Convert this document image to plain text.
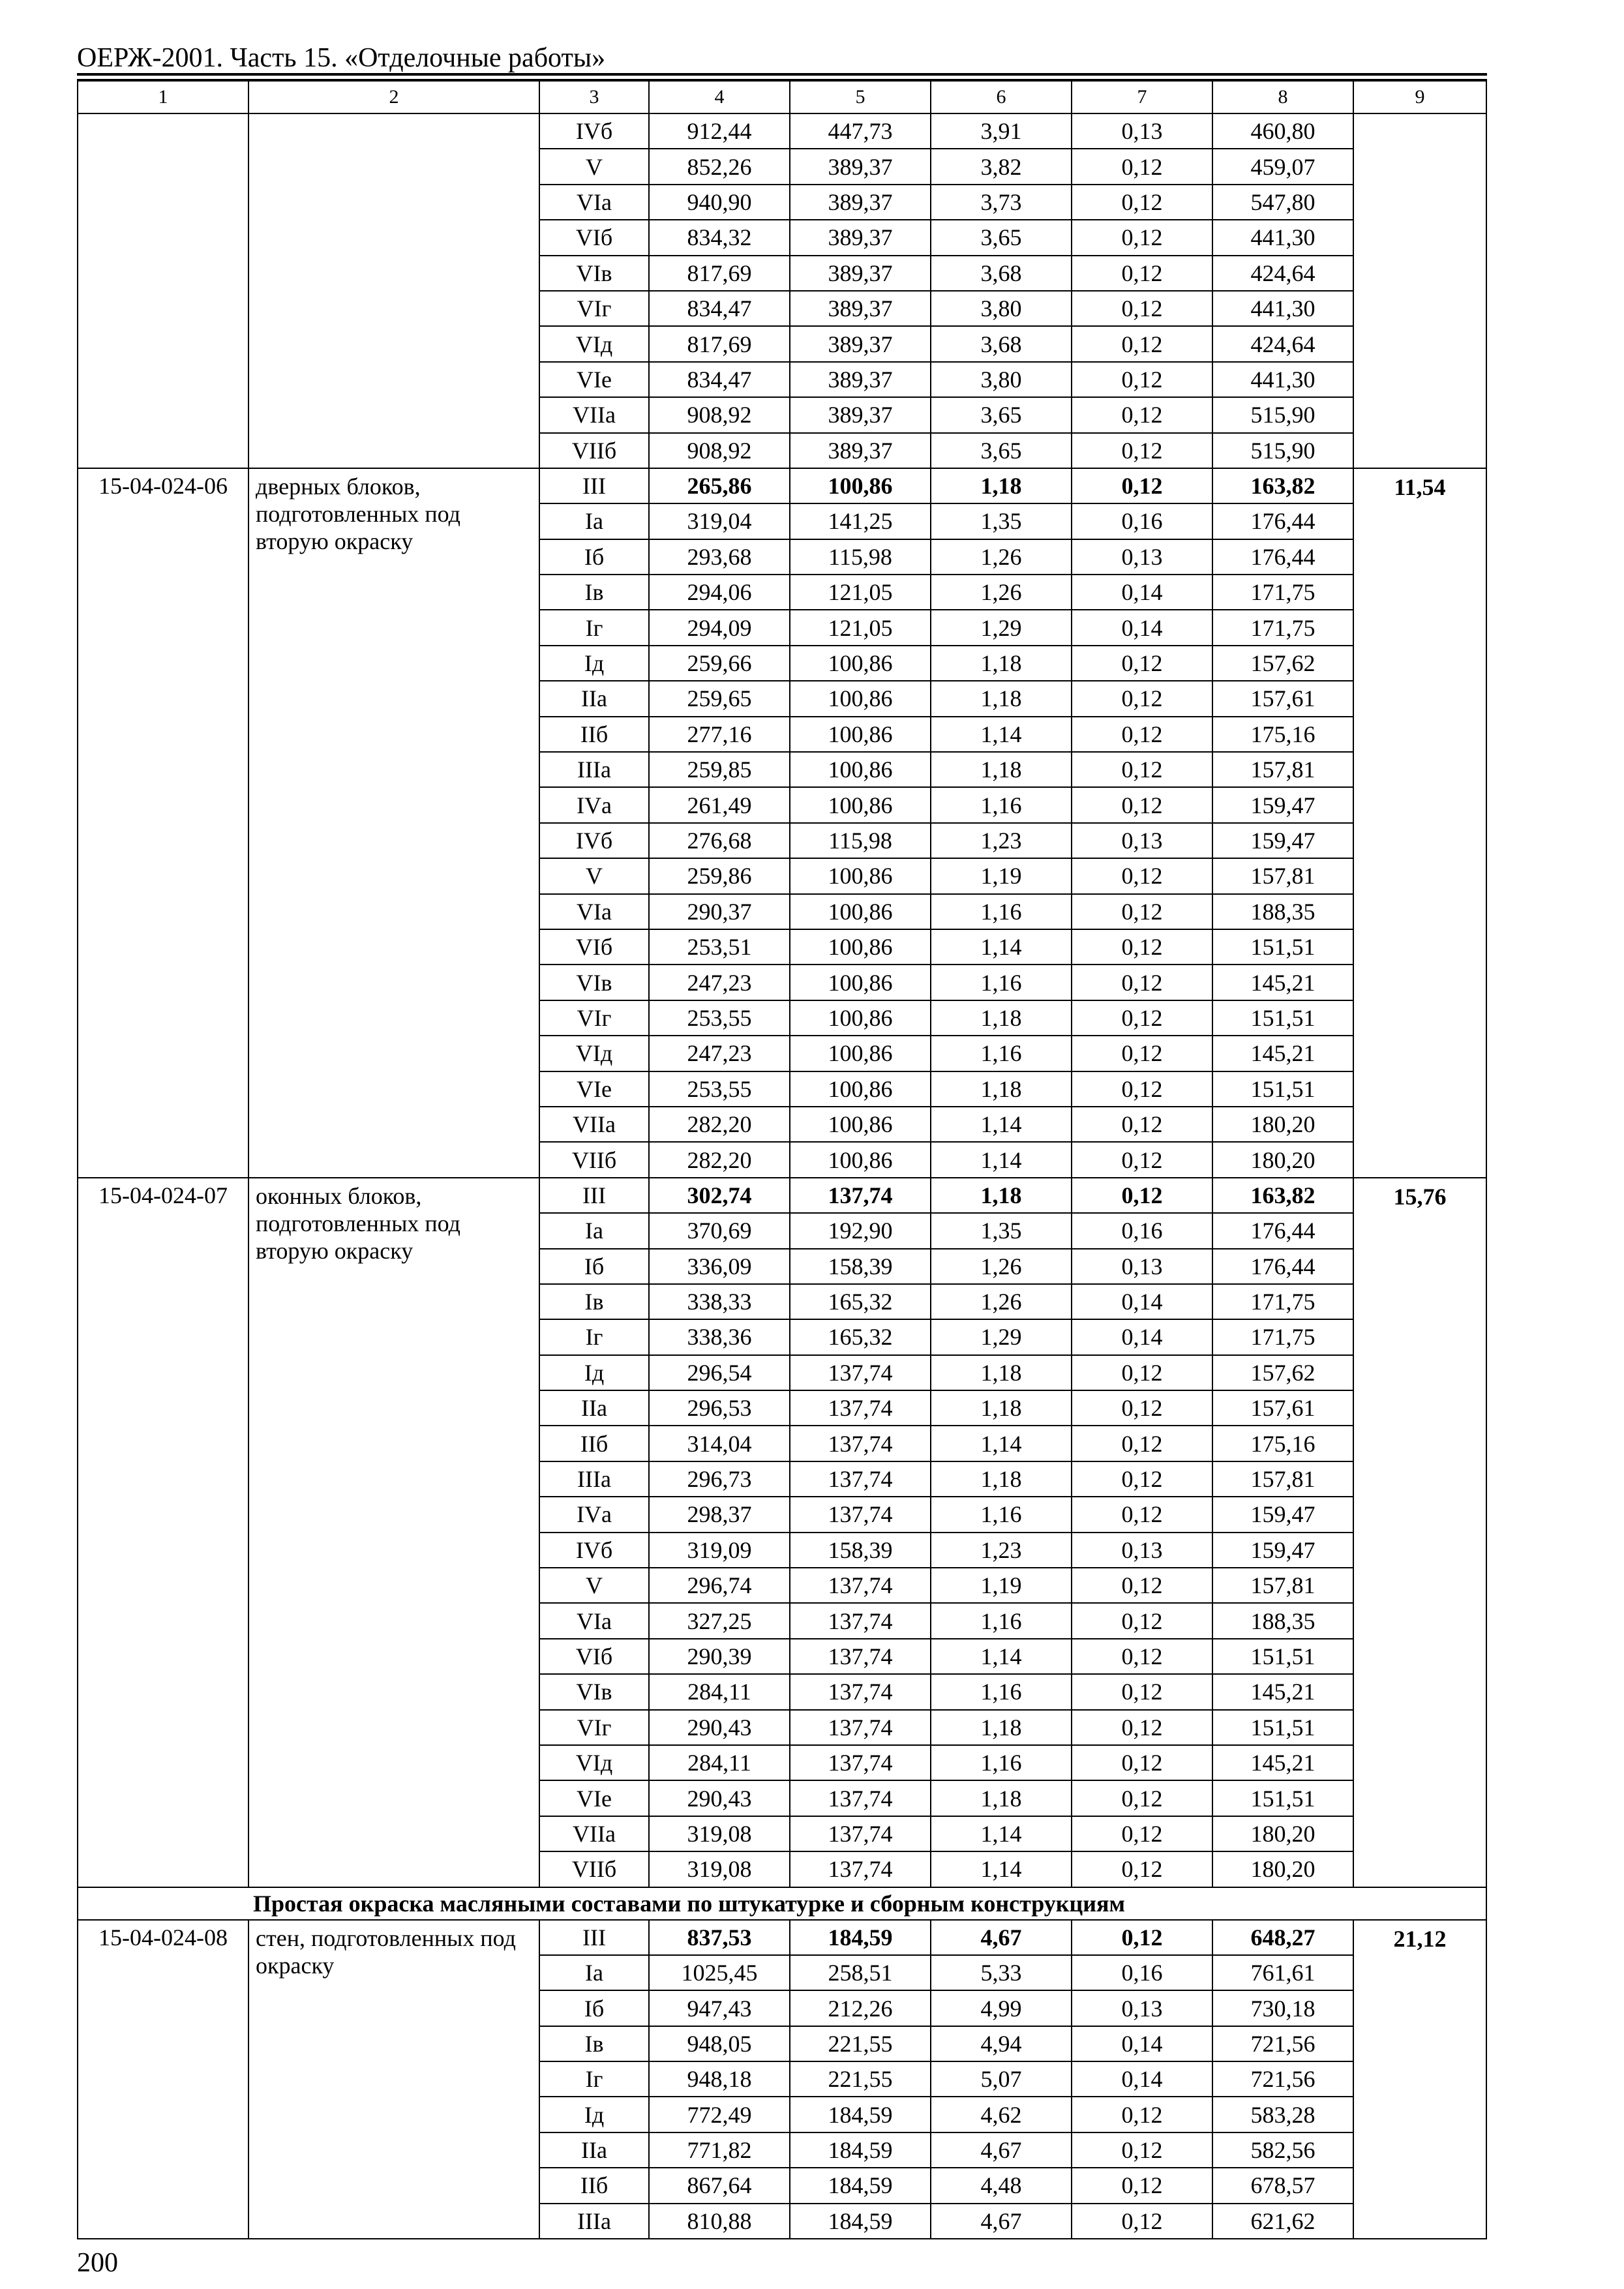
ОЕРЖ-2001. Часть 15. «Отделочные работы»
1	2	3	4	5	6	7	8	9
		IVб	912,44	447,73	3,91	0,13	460,80	
		V	852,26	389,37	3,82	0,12	459,07	
		VIа	940,90	389,37	3,73	0,12	547,80	
		VIб	834,32	389,37	3,65	0,12	441,30	
		VIв	817,69	389,37	3,68	0,12	424,64	
		VIг	834,47	389,37	3,80	0,12	441,30	
		VIд	817,69	389,37	3,68	0,12	424,64	
		VIе	834,47	389,37	3,80	0,12	441,30	
		VIIа	908,92	389,37	3,65	0,12	515,90	
		VIIб	908,92	389,37	3,65	0,12	515,90	
15-04-024-06	дверных блоков, подготовленных под вторую окраску	III	265,86	100,86	1,18	0,12	163,82	11,54
		Iа	319,04	141,25	1,35	0,16	176,44	
		Iб	293,68	115,98	1,26	0,13	176,44	
		Iв	294,06	121,05	1,26	0,14	171,75	
		Iг	294,09	121,05	1,29	0,14	171,75	
		Iд	259,66	100,86	1,18	0,12	157,62	
		IIа	259,65	100,86	1,18	0,12	157,61	
		IIб	277,16	100,86	1,14	0,12	175,16	
		IIIа	259,85	100,86	1,18	0,12	157,81	
		IVа	261,49	100,86	1,16	0,12	159,47	
		IVб	276,68	115,98	1,23	0,13	159,47	
		V	259,86	100,86	1,19	0,12	157,81	
		VIа	290,37	100,86	1,16	0,12	188,35	
		VIб	253,51	100,86	1,14	0,12	151,51	
		VIв	247,23	100,86	1,16	0,12	145,21	
		VIг	253,55	100,86	1,18	0,12	151,51	
		VIд	247,23	100,86	1,16	0,12	145,21	
		VIе	253,55	100,86	1,18	0,12	151,51	
		VIIа	282,20	100,86	1,14	0,12	180,20	
		VIIб	282,20	100,86	1,14	0,12	180,20	
15-04-024-07	оконных блоков, подготовленных под вторую окраску	III	302,74	137,74	1,18	0,12	163,82	15,76
		Iа	370,69	192,90	1,35	0,16	176,44	
		Iб	336,09	158,39	1,26	0,13	176,44	
		Iв	338,33	165,32	1,26	0,14	171,75	
		Iг	338,36	165,32	1,29	0,14	171,75	
		Iд	296,54	137,74	1,18	0,12	157,62	
		IIа	296,53	137,74	1,18	0,12	157,61	
		IIб	314,04	137,74	1,14	0,12	175,16	
		IIIа	296,73	137,74	1,18	0,12	157,81	
		IVа	298,37	137,74	1,16	0,12	159,47	
		IVб	319,09	158,39	1,23	0,13	159,47	
		V	296,74	137,74	1,19	0,12	157,81	
		VIа	327,25	137,74	1,16	0,12	188,35	
		VIб	290,39	137,74	1,14	0,12	151,51	
		VIв	284,11	137,74	1,16	0,12	145,21	
		VIг	290,43	137,74	1,18	0,12	151,51	
		VIд	284,11	137,74	1,16	0,12	145,21	
		VIе	290,43	137,74	1,18	0,12	151,51	
		VIIа	319,08	137,74	1,14	0,12	180,20	
		VIIб	319,08	137,74	1,14	0,12	180,20	
Простая окраска масляными составами по штукатурке и сборным конструкциям								
15-04-024-08	стен, подготовленных под окраску	III	837,53	184,59	4,67	0,12	648,27	21,12
		Iа	1025,45	258,51	5,33	0,16	761,61	
		Iб	947,43	212,26	4,99	0,13	730,18	
		Iв	948,05	221,55	4,94	0,14	721,56	
		Iг	948,18	221,55	5,07	0,14	721,56	
		Iд	772,49	184,59	4,62	0,12	583,28	
		IIа	771,82	184,59	4,67	0,12	582,56	
		IIб	867,64	184,59	4,48	0,12	678,57	
		IIIа	810,88	184,59	4,67	0,12	621,62	
200
